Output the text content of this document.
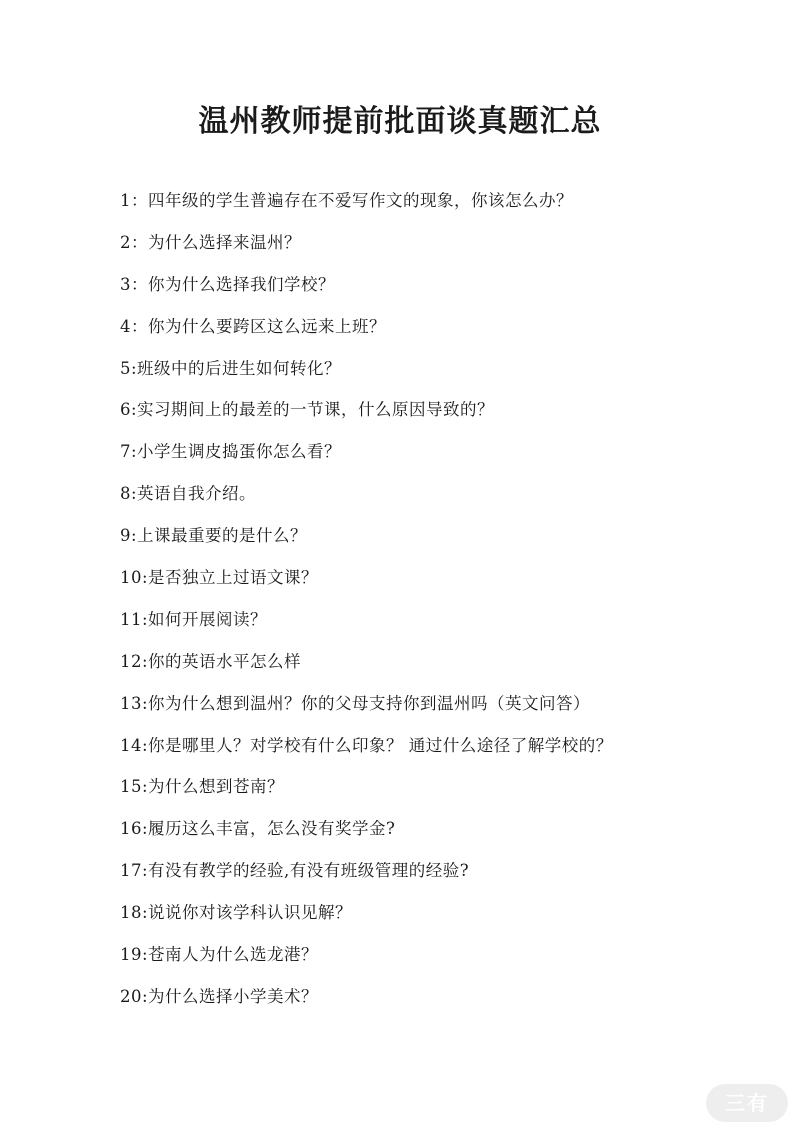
温州教师提前批面谈真题汇总
1：四年级的学生普遍存在不爱写作文的现象，你该怎么办？
2：为什么选择来温州？
3：你为什么选择我们学校？
4：你为什么要跨区这么远来上班？
5:班级中的后进生如何转化？
6:实习期间上的最差的一节课，什么原因导致的？
7:小学生调皮捣蛋你怎么看？
8:英语自我介绍。
9:上课最重要的是什么？
10:是否独立上过语文课？
11:如何开展阅读？
12:你的英语水平怎么样
13:你为什么想到温州？你的父母支持你到温州吗（英文问答）
14:你是哪里人？对学校有什么印象？ 通过什么途径了解学校的？
15:为什么想到苍南？
16:履历这么丰富，怎么没有奖学金?
17:有没有教学的经验,有没有班级管理的经验?
18:说说你对该学科认识见解？
19:苍南人为什么选龙港？
20:为什么选择小学美术？
三有
